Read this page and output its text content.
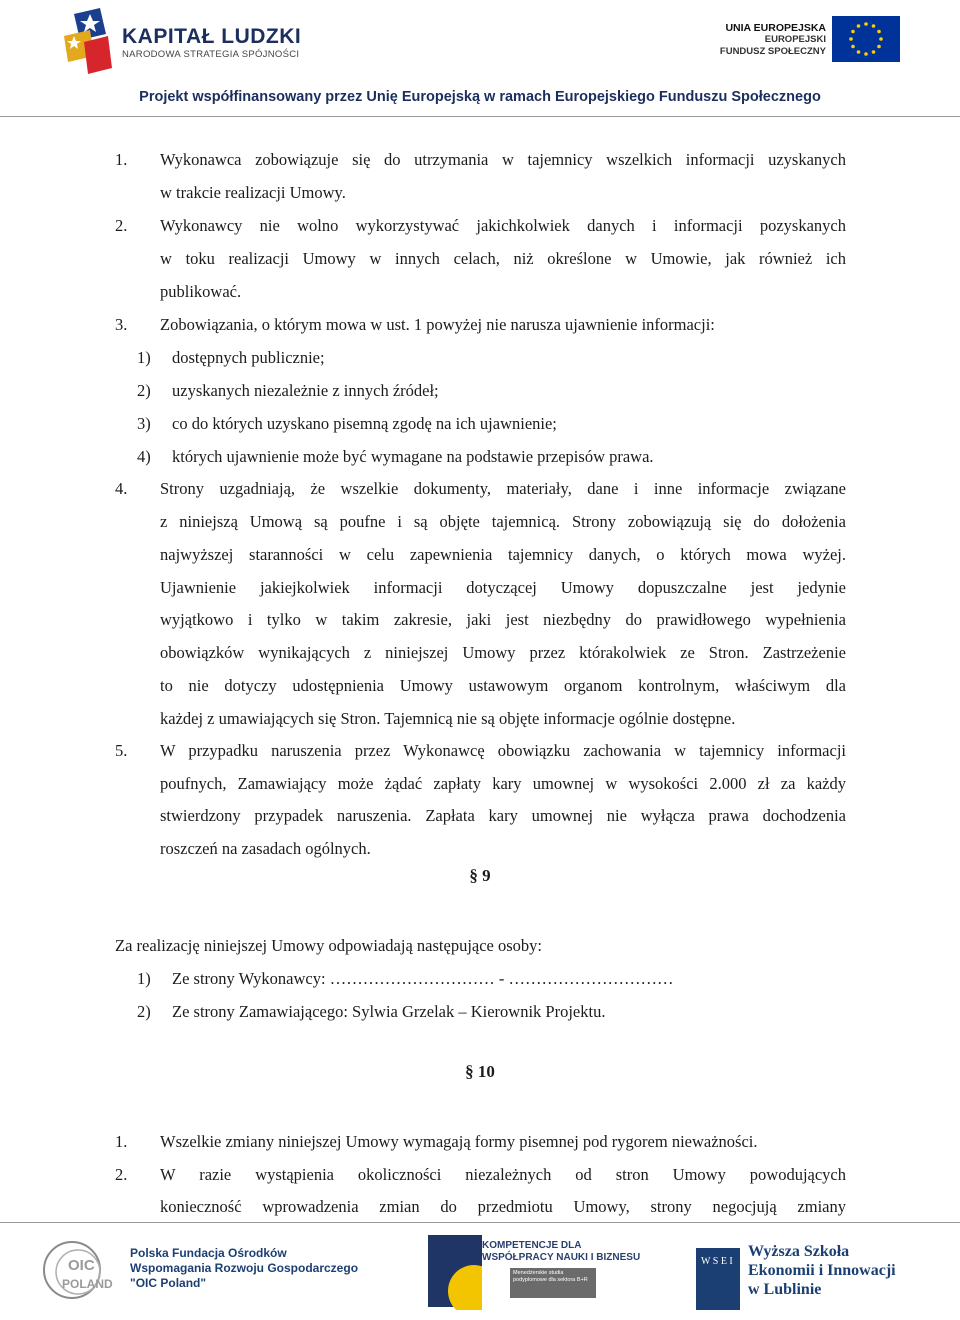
KAPITAŁ LUDZKI
NARODOWA STRATEGIA SPÓJNOŚCI
UNIA EUROPEJSKA
EUROPEJSKI
FUNDUSZ SPOŁECZNY
Projekt współfinansowany przez Unię Europejską w ramach Europejskiego Funduszu Społecznego
1. Wykonawca zobowiązuje się do utrzymania w tajemnicy wszelkich informacji uzyskanych
w trakcie realizacji Umowy.
2. Wykonawcy nie wolno wykorzystywać jakichkolwiek danych i informacji pozyskanych
w toku realizacji Umowy w innych celach, niż określone w Umowie, jak również ich
publikować.
3. Zobowiązania, o którym mowa w ust. 1 powyżej nie narusza ujawnienie informacji:
1) dostępnych publicznie;
2) uzyskanych niezależnie z innych źródeł;
3) co do których uzyskano pisemną zgodę na ich ujawnienie;
4) których ujawnienie może być wymagane na podstawie przepisów prawa.
4. Strony uzgadniają, że wszelkie dokumenty, materiały, dane i inne informacje związane
z niniejszą Umową są poufne i są objęte tajemnicą. Strony zobowiązują się do dołożenia
najwyższej staranności w celu zapewnienia tajemnicy danych, o których mowa wyżej.
Ujawnienie jakiejkolwiek informacji dotyczącej Umowy dopuszczalne jest jedynie
wyjątkowo i tylko w takim zakresie, jaki jest niezbędny do prawidłowego wypełnienia
obowiązków wynikających z niniejszej Umowy przez którakolwiek ze Stron. Zastrzeżenie
to nie dotyczy udostępnienia Umowy ustawowym organom kontrolnym, właściwym dla
każdej z umawiających się Stron. Tajemnicą nie są objęte informacje ogólnie dostępne.
5. W przypadku naruszenia przez Wykonawcę obowiązku zachowania w tajemnicy informacji
poufnych, Zamawiający może żądać zapłaty kary umownej w wysokości 2.000 zł za każdy
stwierdzony przypadek naruszenia. Zapłata kary umownej nie wyłącza prawa dochodzenia
roszczeń na zasadach ogólnych.
§ 9
Za realizację niniejszej Umowy odpowiadają następujące osoby:
1) Ze strony Wykonawcy: ………………………… - …………………………
2) Ze strony Zamawiającego: Sylwia Grzelak – Kierownik Projektu.
§ 10
1. Wszelkie zmiany niniejszej Umowy wymagają formy pisemnej pod rygorem nieważności.
2. W razie wystąpienia okoliczności niezależnych od stron Umowy powodujących
konieczność wprowadzenia zmian do przedmiotu Umowy, strony negocjują zmiany
OIC
POLAND
Polska Fundacja Ośrodków
Wspomagania Rozwoju Gospodarczego
"OIC Poland"
KOMPETENCJE DLA
WSPÓŁPRACY NAUKI I BIZNESU
Menedżerskie studia podyplomowe dla sektora B+R
W S E I
Wyższa Szkoła
Ekonomii i Innowacji
w Lublinie
